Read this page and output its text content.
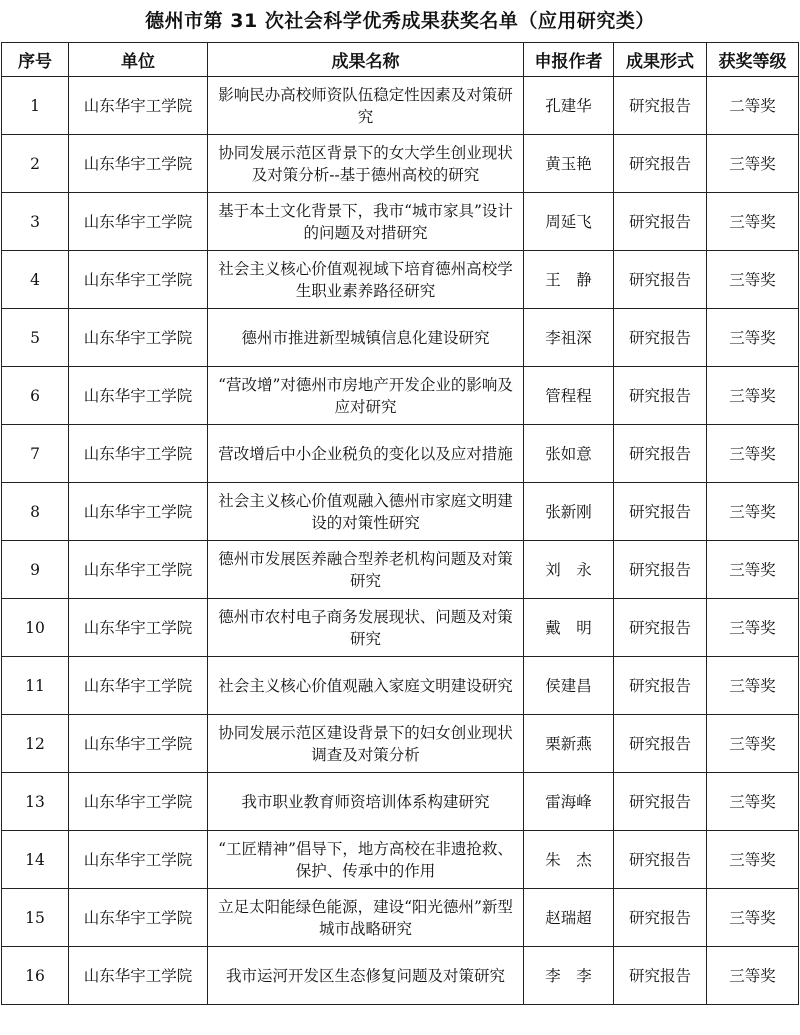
德州市第 31 次社会科学优秀成果获奖名单（应用研究类）
序号	单位	成果名称	申报作者	成果形式	获奖等级
1	山东华宇工学院	影响民办高校师资队伍稳定性因素及对策研究	孔建华	研究报告	二等奖
2	山东华宇工学院	协同发展示范区背景下的女大学生创业现状及对策分析--基于德州高校的研究	黄玉艳	研究报告	三等奖
3	山东华宇工学院	基于本土文化背景下，我市“城市家具”设计的问题及对措研究	周延飞	研究报告	三等奖
4	山东华宇工学院	社会主义核心价值观视域下培育德州高校学生职业素养路径研究	王　静	研究报告	三等奖
5	山东华宇工学院	德州市推进新型城镇信息化建设研究	李祖深	研究报告	三等奖
6	山东华宇工学院	“营改增”对德州市房地产开发企业的影响及应对研究	管程程	研究报告	三等奖
7	山东华宇工学院	营改增后中小企业税负的变化以及应对措施	张如意	研究报告	三等奖
8	山东华宇工学院	社会主义核心价值观融入德州市家庭文明建设的对策性研究	张新刚	研究报告	三等奖
9	山东华宇工学院	德州市发展医养融合型养老机构问题及对策研究	刘　永	研究报告	三等奖
10	山东华宇工学院	德州市农村电子商务发展现状、问题及对策研究	戴　明	研究报告	三等奖
11	山东华宇工学院	社会主义核心价值观融入家庭文明建设研究	侯建昌	研究报告	三等奖
12	山东华宇工学院	协同发展示范区建设背景下的妇女创业现状调查及对策分析	栗新燕	研究报告	三等奖
13	山东华宇工学院	我市职业教育师资培训体系构建研究	雷海峰	研究报告	三等奖
14	山东华宇工学院	“工匠精神”倡导下，地方高校在非遗抢救、保护、传承中的作用	朱　杰	研究报告	三等奖
15	山东华宇工学院	立足太阳能绿色能源，建设“阳光德州”新型城市战略研究	赵瑞超	研究报告	三等奖
16	山东华宇工学院	我市运河开发区生态修复问题及对策研究	李　李	研究报告	三等奖
